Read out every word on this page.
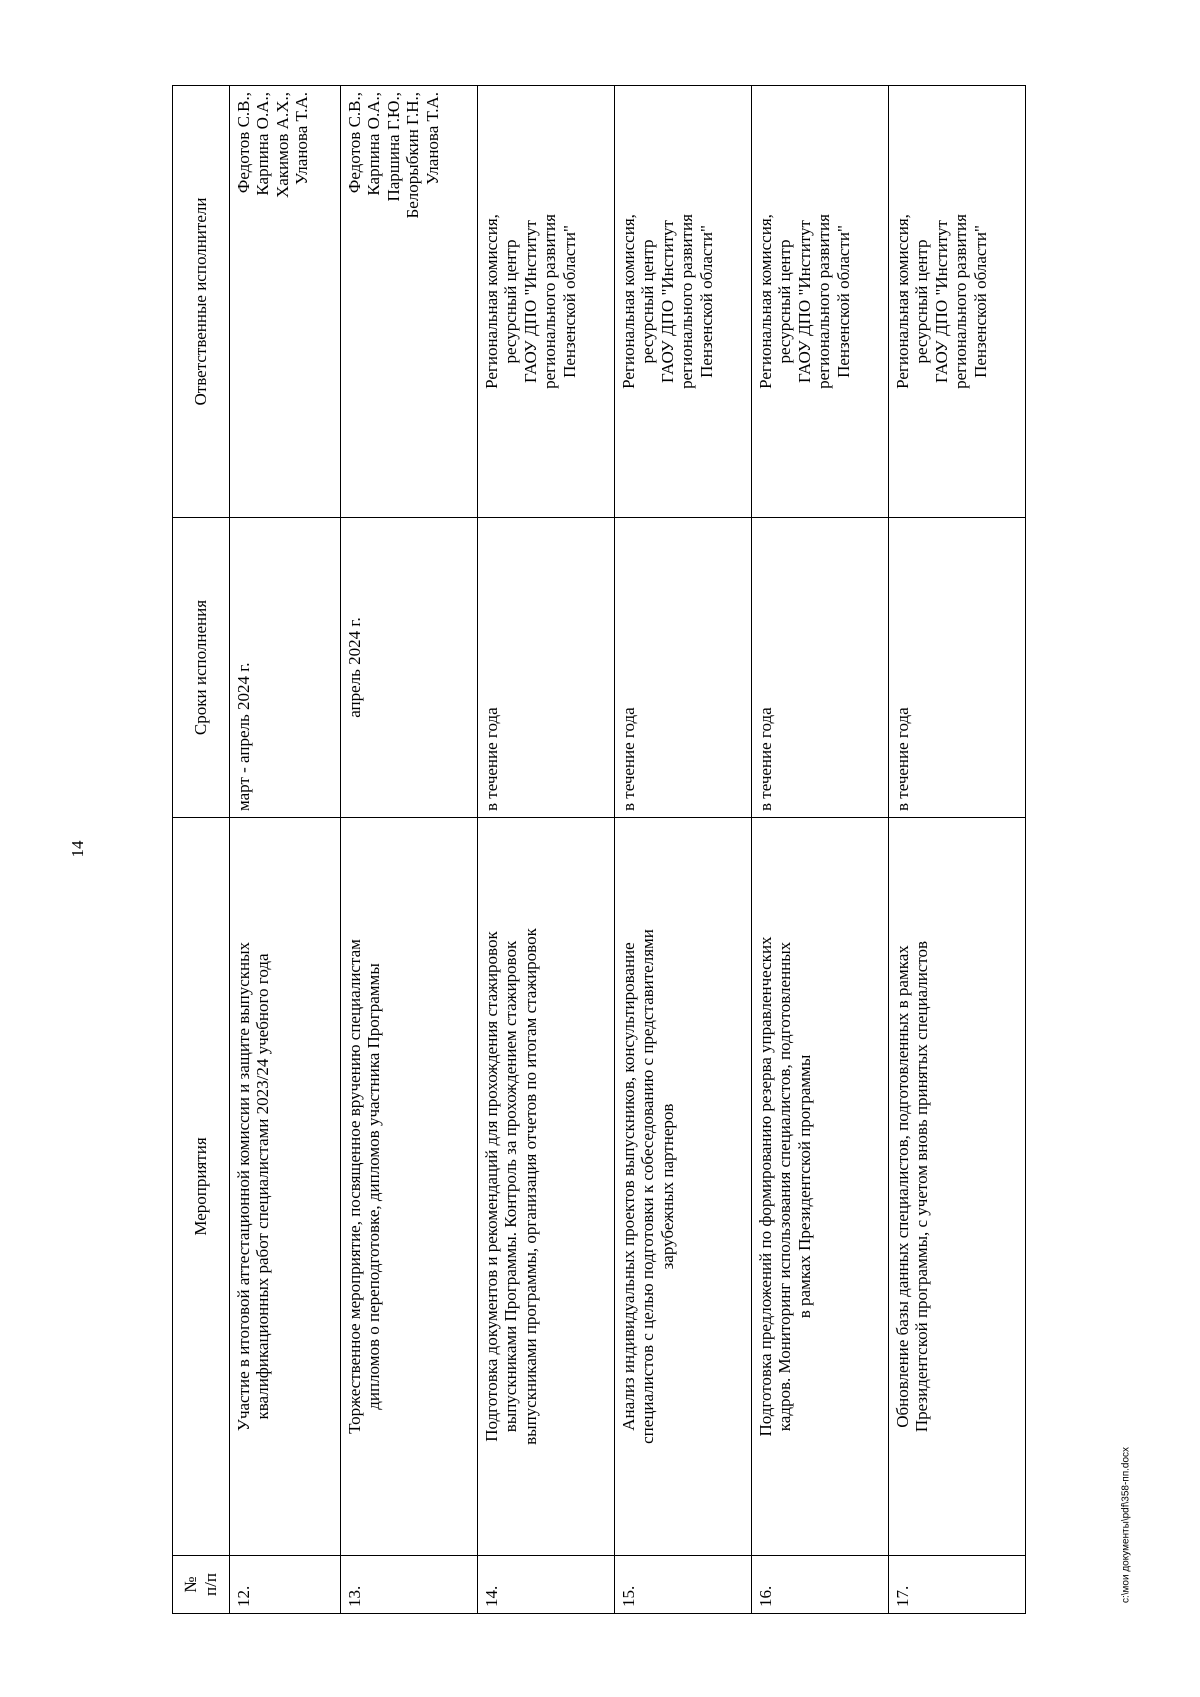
14
№ п/п	Мероприятия	Сроки исполнения	Ответственные исполнители
12.	Участие в итоговой аттестационной комиссии и защите выпускных квалификационных работ специалистами 2023/24 учебного года	март - апрель 2024 г.	Федотов С.В., Карпина О.А., Хакимов А.Х., Уланова Т.А.

13.	Торжественное мероприятие, посвященное вручению специалистам дипломов о переподготовке, дипломов участника Программы	апрель 2024 г.	Федотов С.В., Карпина О.А., Паршина Г.Ю., Белорыбкин Г.Н., Уланова Т.А.

14.	Подготовка документов и рекомендаций для прохождения стажировок выпускниками Программы. Контроль за прохождением стажировок выпускниками программы, организация отчетов по итогам стажировок	в течение года	Региональная комиссия, ресурсный центр ГАОУ ДПО "Институт регионального развития Пензенской области"

15.	Анализ индивидуальных проектов выпускников, консультирование специалистов с целью подготовки к собеседованию с представителями зарубежных партнеров	в течение года	Региональная комиссия, ресурсный центр ГАОУ ДПО "Институт регионального развития Пензенской области"

16.	Подготовка предложений по формированию резерва управленческих кадров. Мониторинг использования специалистов, подготовленных в рамках Президентской программы	в течение года	Региональная комиссия, ресурсный центр ГАОУ ДПО "Институт регионального развития Пензенской области"

17.	Обновление базы данных специалистов, подготовленных в рамках Президентской программы, с учетом вновь принятых специалистов	в течение года	Региональная комиссия, ресурсный центр ГАОУ ДПО "Институт регионального развития Пензенской области"
c:\мои документы\pdf\358-пп.docx
